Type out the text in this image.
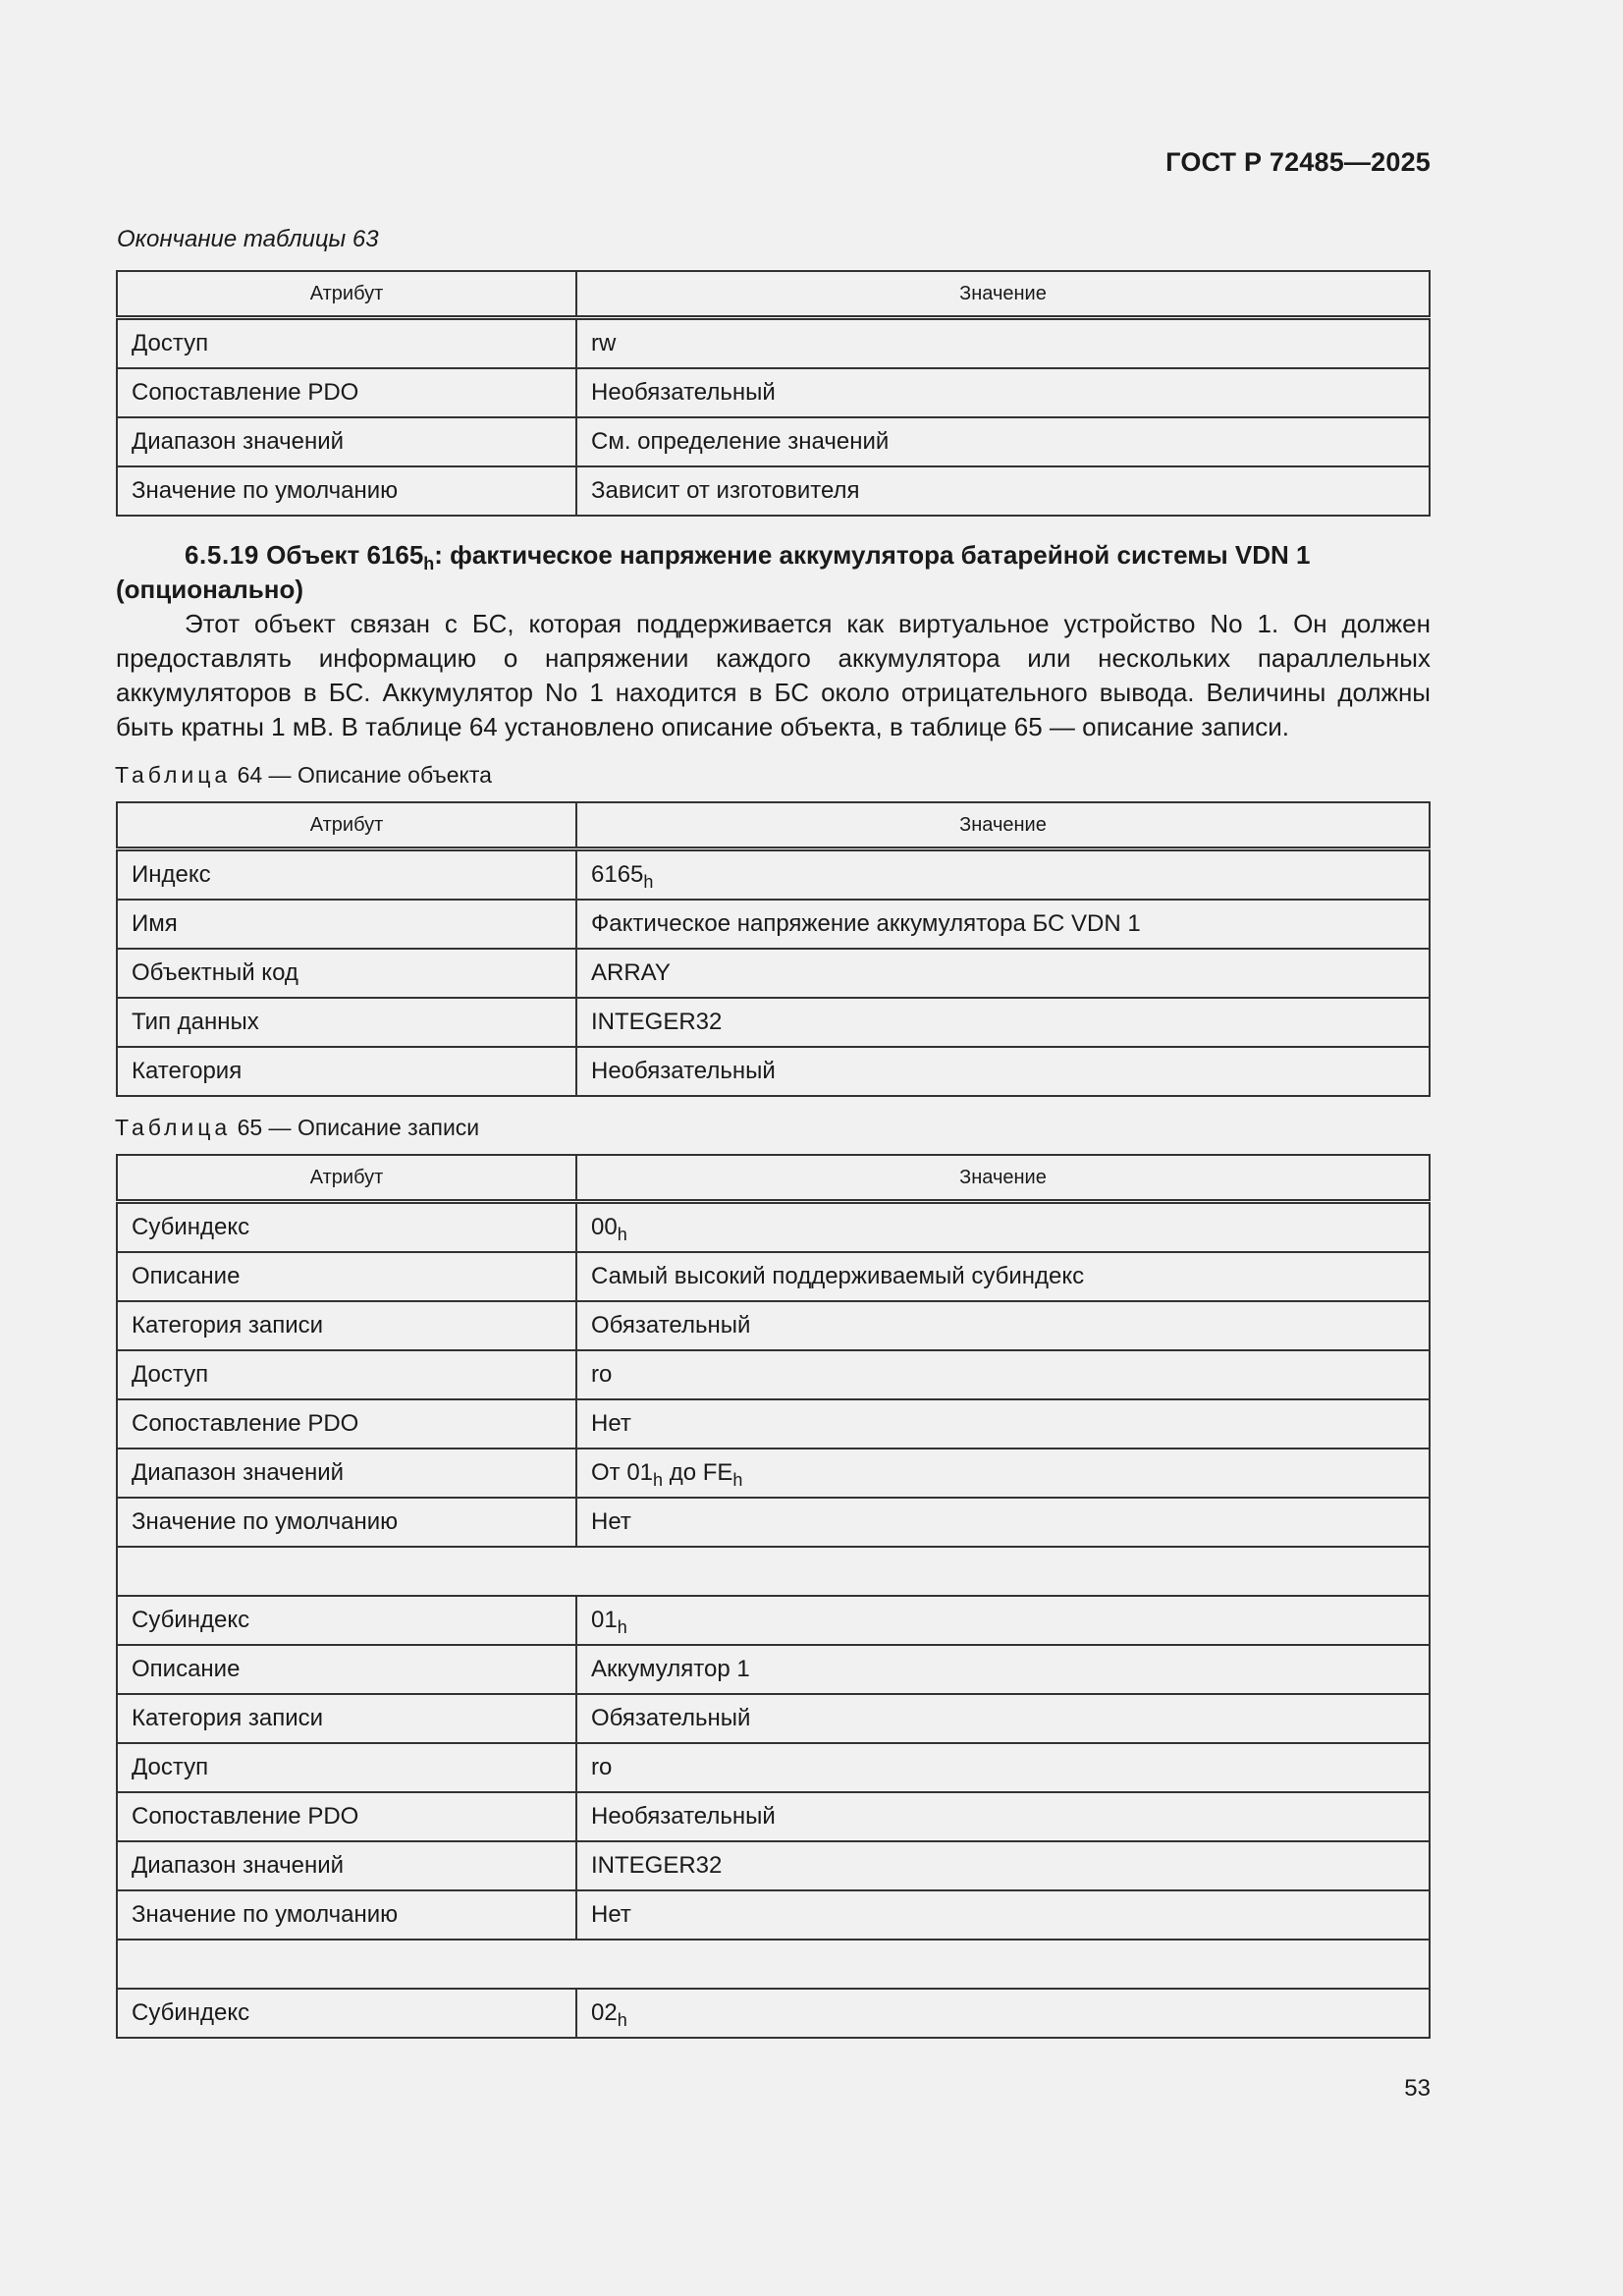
ГОСТ Р 72485—2025
Окончание таблицы 63
Атрибут	Значение
Доступ	rw
Сопоставление PDO	Необязательный
Диапазон значений	См. определение значений
Значение по умолчанию	Зависит от изготовителя
6.5.19 Объект $6165_h$: фактическое напряжение аккумулятора батарейной системы VDN 1 (опционально)
Этот объект связан с БС, которая поддерживается как виртуальное устройство No 1. Он должен предоставлять информацию о напряжении каждого аккумулятора или нескольких параллельных аккумуляторов в БС. Аккумулятор No 1 находится в БС около отрицательного вывода. Величины должны быть кратны 1 мВ. В таблице 64 установлено описание объекта, в таблице 65 — описание записи.
Таблица 64 — Описание объекта
Атрибут	Значение
Индекс	$6165_h$
Имя	Фактическое напряжение аккумулятора БС VDN 1
Объектный код	ARRAY
Тип данных	INTEGER32
Категория	Необязательный
Таблица 65 — Описание записи
Атрибут	Значение
Субиндекс	$00_h$
Описание	Самый высокий поддерживаемый субиндекс
Категория записи	Обязательный
Доступ	ro
Сопоставление PDO	Нет
Диапазон значений	От $01_h$ до $FE_h$
Значение по умолчанию	Нет

Субиндекс	$01_h$
Описание	Аккумулятор 1
Категория записи	Обязательный
Доступ	ro
Сопоставление PDO	Необязательный
Диапазон значений	INTEGER32
Значение по умолчанию	Нет

Субиндекс	$02_h$
53
